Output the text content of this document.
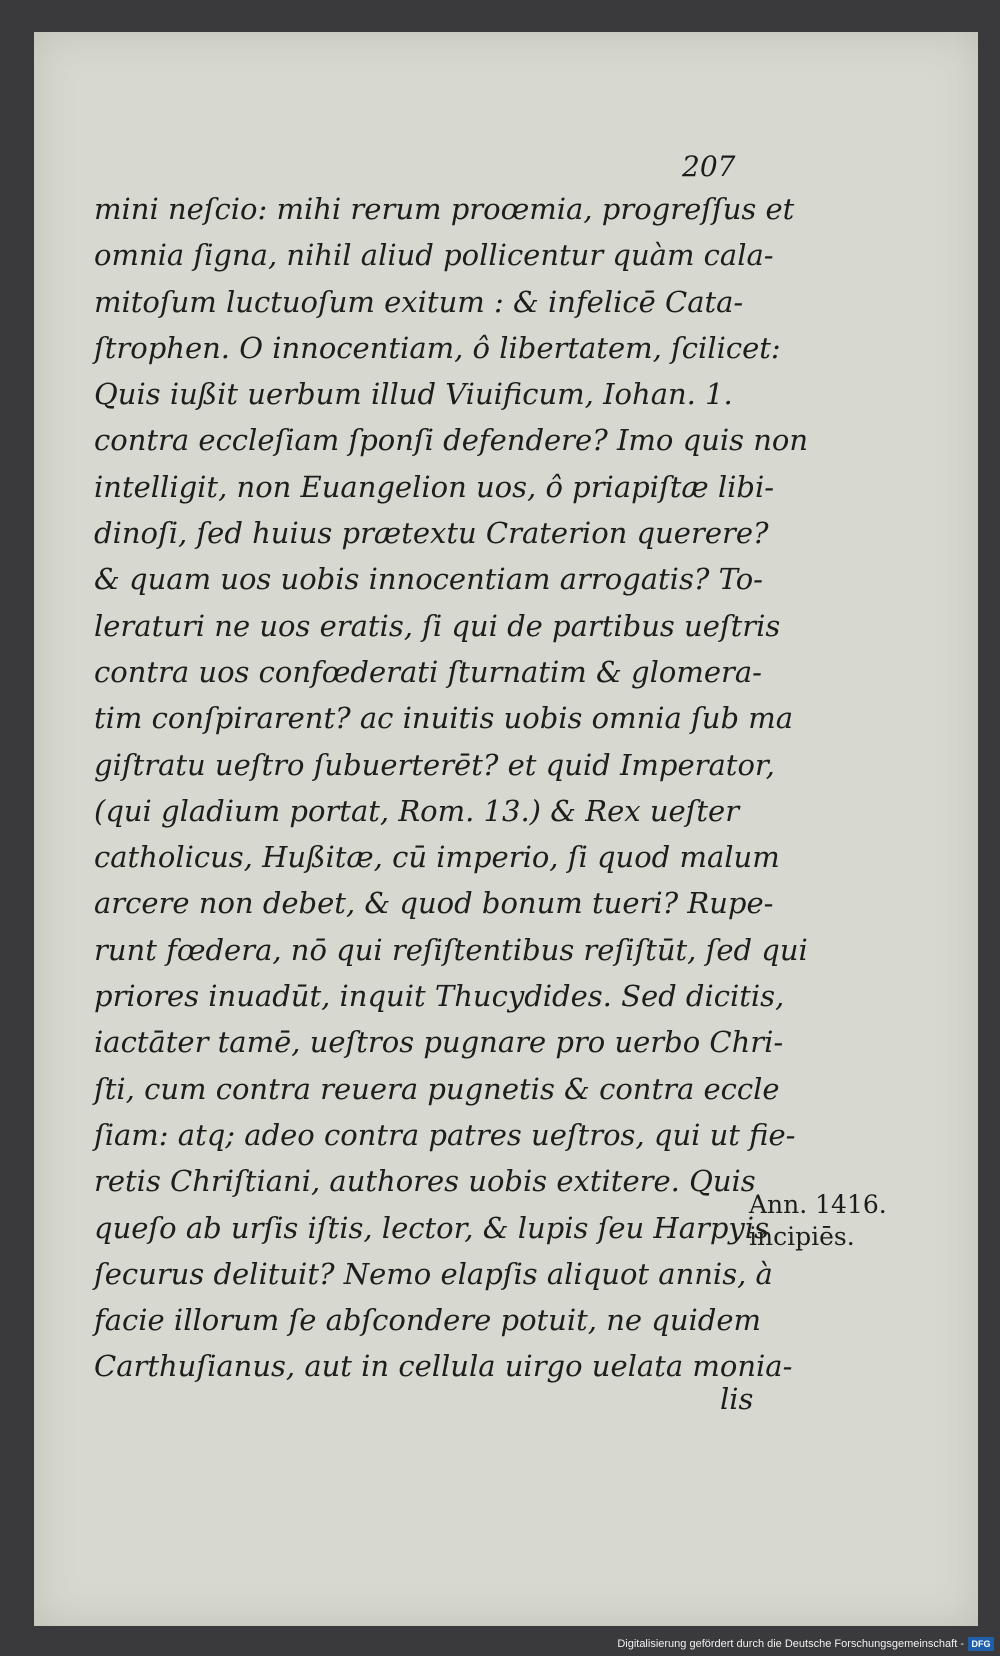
207
mini neſcio: mihi rerum proœmia, progreſſus et
omnia ſigna, nihil aliud pollicentur quàm cala-
mitoſum luctuoſum exitum : & infelicē Cata-
ſtrophen. O innocentiam, ô libertatem, ſcilicet:
Quis iußit uerbum illud Viuificum, Iohan. 1.
contra eccleſiam ſponſi defendere? Imo quis non
intelligit, non Euangelion uos, ô priapiſtæ libi-
dinoſi, ſed huius prætextu Craterion querere?
& quam uos uobis innocentiam arrogatis? To-
leraturi ne uos eratis, ſi qui de partibus ueſtris
contra uos confœderati ſturnatim & glomera-
tim conſpirarent? ac inuitis uobis omnia ſub ma
giſtratu ueſtro ſubuerterēt? et quid Imperator,
(qui gladium portat, Rom. 13.) & Rex ueſter
catholicus, Hußitæ, cū imperio, ſi quod malum
arcere non debet, & quod bonum tueri? Rupe-
runt fœdera, nō qui reſiſtentibus reſiſtūt, ſed qui
priores inuadūt, inquit Thucydides. Sed dicitis,
iactāter tamē, ueſtros pugnare pro uerbo Chri-
ſti, cum contra reuera pugnetis & contra eccle
ſiam: atq; adeo contra patres ueſtros, qui ut fie-
retis Chriſtiani, authores uobis extitere. Quis
queſo ab urſis iſtis, lector, & lupis ſeu Harpyis
ſecurus delituit? Nemo elapſis aliquot annis, à
facie illorum ſe abſcondere potuit, ne quidem
Carthuſianus, aut in cellula uirgo uelata monia-
lis
Ann. 1416.
incipiēs.
Digitalisierung gefördert durch die Deutsche Forschungsgemeinschaft - DFG
